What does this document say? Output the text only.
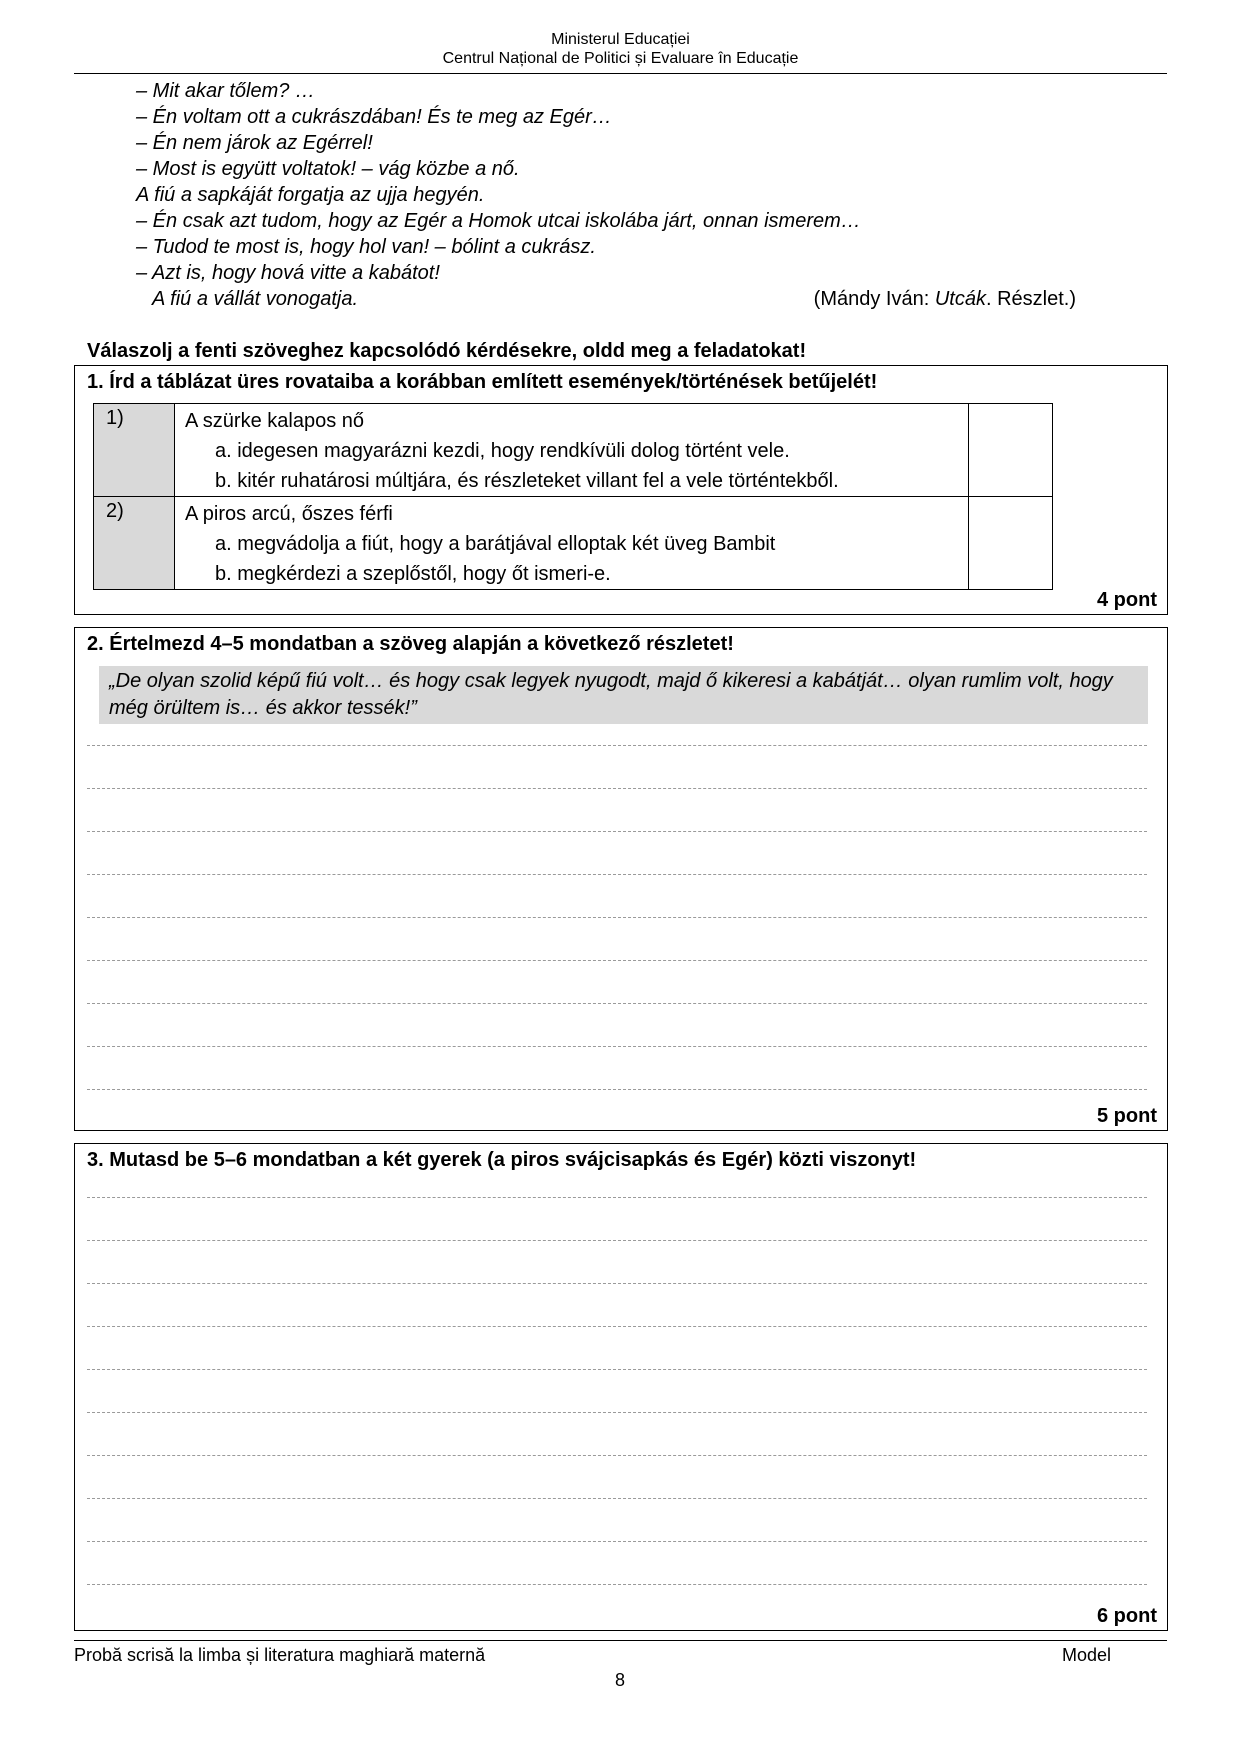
Ministerul Educației
Centrul Național de Politici și Evaluare în Educație
– Mit akar tőlem? …
– Én voltam ott a cukrászdában! És te meg az Egér…
– Én nem járok az Egérrel!
– Most is együtt voltatok! – vág közbe a nő.
A fiú a sapkáját forgatja az ujja hegyén.
– Én csak azt tudom, hogy az Egér a Homok utcai iskolába járt, onnan ismerem…
– Tudod te most is, hogy hol van! – bólint a cukrász.
– Azt is, hogy hová vitte a kabátot!
A fiú a vállát vonogatja.	(Mándy Iván: Utcák. Részlet.)
Válaszolj a fenti szöveghez kapcsolódó kérdésekre, oldd meg a feladatokat!
1. Írd a táblázat üres rovataiba a korábban említett események/történések betűjelét!
1)	A szürke kalapos nő
a. idegesen magyarázni kezdi, hogy rendkívüli dolog történt vele.
b. kitér ruhatárosi múltjára, és részleteket villant fel a vele történtekből.	

2)	A piros arcú, őszes férfi
a. megvádolja a fiút, hogy a barátjával elloptak két üveg Bambit
b. megkérdezi a szeplőstől, hogy őt ismeri-e.	

4 pont
2. Értelmezd 4–5 mondatban a szöveg alapján a következő részletet!
„De olyan szolid képű fiú volt… és hogy csak legyek nyugodt, majd ő kikeresi a kabátját… olyan rumlim volt, hogy még örültem is… és akkor tessék!”
5 pont
3. Mutasd be 5–6 mondatban a két gyerek (a piros svájcisapkás és Egér) közti viszonyt!
6 pont
Probă scrisă la limba și literatura maghiară maternă	Model
8
